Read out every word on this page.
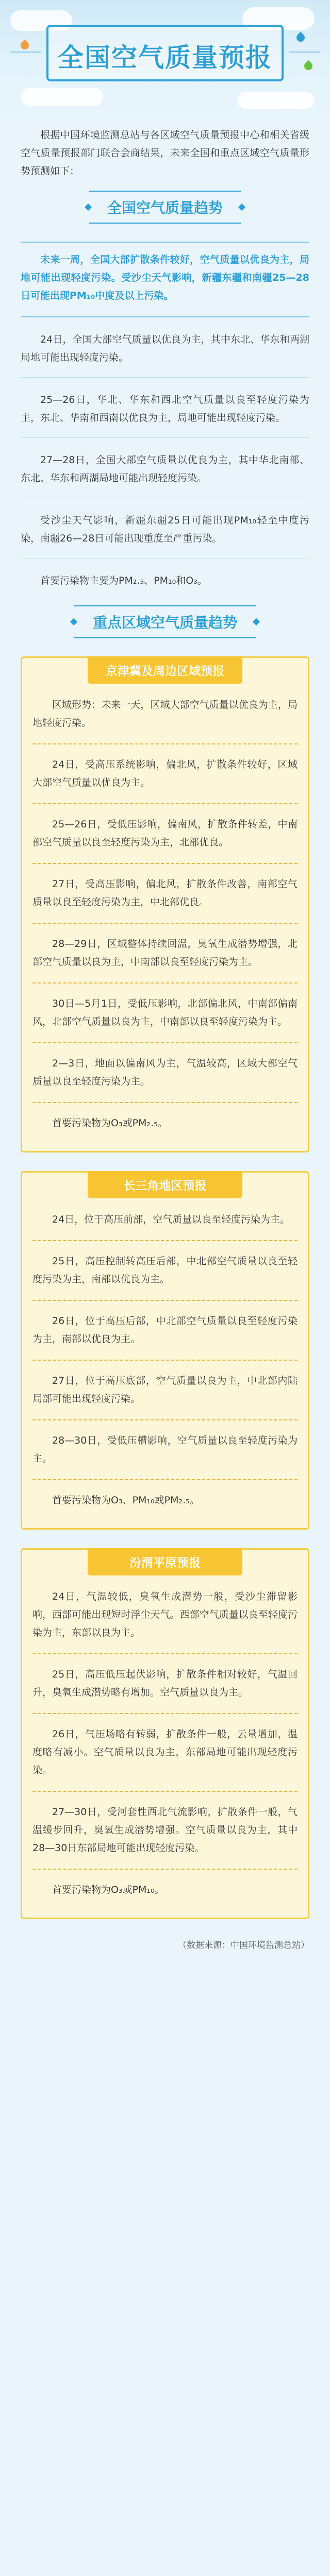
全国空气质量预报

根据中国环境监测总站与各区域空气质量预报中心和相关省级空气质量预报部门联合会商结果，未来全国和重点区域空气质量形势预测如下：

全国空气质量趋势

未来一周，全国大部扩散条件较好，空气质量以优良为主，局地可能出现轻度污染。受沙尘天气影响，新疆东疆和南疆25—28日可能出现PM₁₀中度及以上污染。

24日，全国大部空气质量以优良为主，其中东北、华东和两湖局地可能出现轻度污染。

25—26日，华北、华东和西北空气质量以良至轻度污染为主，东北、华南和西南以优良为主，局地可能出现轻度污染。

27—28日，全国大部空气质量以优良为主，其中华北南部、东北、华东和两湖局地可能出现轻度污染。

受沙尘天气影响，新疆东疆25日可能出现PM₁₀轻至中度污染，南疆26—28日可能出现重度至严重污染。

首要污染物主要为PM₂.₅、PM₁₀和O₃。

重点区域空气质量趋势
京津冀及周边区域预报

区域形势：未来一天，区域大部空气质量以优良为主，局地轻度污染。

24日，受高压系统影响，偏北风，扩散条件较好，区域大部空气质量以优良为主。

25—26日，受低压影响，偏南风，扩散条件转差，中南部空气质量以良至轻度污染为主，北部优良。

27日，受高压影响，偏北风，扩散条件改善，南部空气质量以良至轻度污染为主，中北部优良。

28—29日，区域整体持续回温，臭氧生成潜势增强，北部空气质量以良为主，中南部以良至轻度污染为主。

30日—5月1日，受低压影响，北部偏北风，中南部偏南风，北部空气质量以良为主，中南部以良至轻度污染为主。

2—3日，地面以偏南风为主，气温较高，区域大部空气质量以良至轻度污染为主。

首要污染物为O₃或PM₂.₅。

长三角地区预报

24日，位于高压前部，空气质量以良至轻度污染为主。

25日，高压控制转高压后部，中北部空气质量以良至轻度污染为主，南部以优良为主。

26日，位于高压后部，中北部空气质量以良至轻度污染为主，南部以优良为主。

27日，位于高压底部，空气质量以良为主，中北部内陆局部可能出现轻度污染。

28—30日，受低压槽影响，空气质量以良至轻度污染为主。

首要污染物为O₃、PM₁₀或PM₂.₅。

汾渭平原预报

24日，气温较低，臭氧生成潜势一般，受沙尘滞留影响，西部可能出现短时浮尘天气。西部空气质量以良至轻度污染为主，东部以良为主。

25日，高压低压起伏影响，扩散条件相对较好，气温回升，臭氧生成潜势略有增加。空气质量以良为主。

26日，气压场略有转弱，扩散条件一般，云量增加，温度略有减小。空气质量以良为主，东部局地可能出现轻度污染。

27—30日，受河套性西北气流影响，扩散条件一般，气温缓步回升，臭氧生成潜势增强。空气质量以良为主，其中28—30日东部局地可能出现轻度污染。

首要污染物为O₃或PM₁₀。

（数据来源：中国环境监测总站）
